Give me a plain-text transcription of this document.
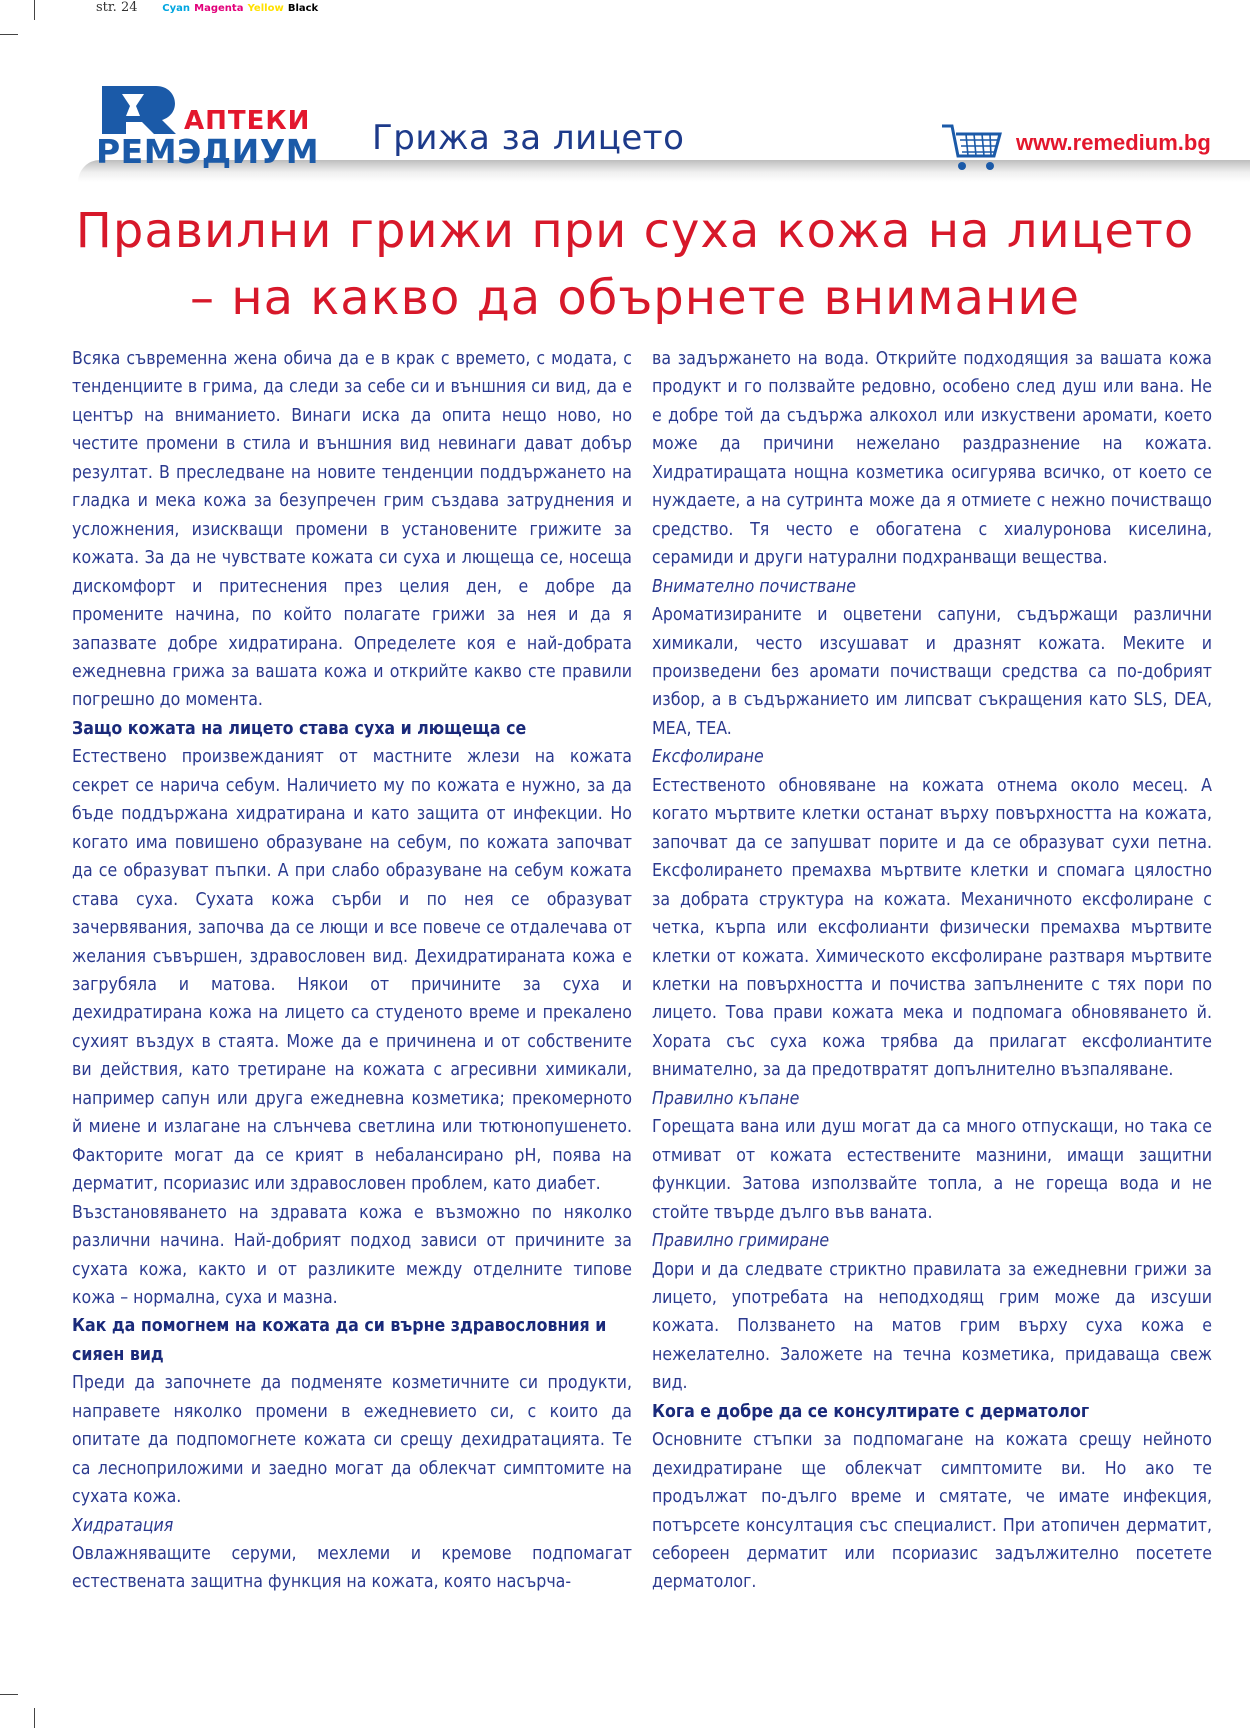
str. 24 Cyan Magenta Yellow Black
АПТЕКИ
РЕМЭДИУМ Грижа за лицето	www.remedium.bg
Правилни грижи при суха кожа на лицето – на какво да обърнете внимание

Всяка съвременна жена обича да е в крак с времето, с модата, с тенденциите в грима, да следи за себе си и външния си вид, да е център на вниманието. Винаги иска да опита нещо ново, но честите промени в стила и външния вид невинаги дават добър резултат. В преследване на новите тенденции поддържането на гладка и мека кожа за безупречен грим създава затруднения и усложнения, изискващи промени в установените грижите за кожата. За да не чувствате кожата си суха и лющеща се, носеща дискомфорт и притеснения през целия ден, е добре да промените начина, по който полагате грижи за нея и да я запазвате добре хидратирана. Определете коя е най-добрата ежедневна грижа за вашата кожа и открийте какво сте правили погрешно до момента.

Защо кожата на лицето става суха и лющеща се

Естествено произвежданият от мастните жлези на кожата секрет се нарича себум. Наличието му по кожата е нужно, за да бъде поддържана хидратирана и като защита от инфекции. Но когато има повишено образуване на себум, по кожата започват да се образуват пъпки. А при слабо образуване на себум кожата става суха. Сухата кожа сърби и по нея се образуват зачервявания, започва да се лющи и все повече се отдалечава от желания съвършен, здравословен вид. Дехидратираната кожа е загрубяла и матова. Някои от причините за суха и дехидратирана кожа на лицето са студеното време и прекалено сухият въздух в стаята. Може да е причинена и от собствените ви действия, като третиране на кожата с агресивни химикали, например сапун или друга ежедневна козметика; прекомерното й миене и излагане на слънчева светлина или тютюнопушенето. Факторите могат да се крият в небалансирано pH, поява на дерматит, псориазис или здравословен проблем, като диабет.

Възстановяването на здравата кожа е възможно по няколко различни начина. Най-добрият подход зависи от причините за сухата кожа, както и от разликите между отделните типове кожа – нормална, суха и мазна.

Как да помогнем на кожата да си върне здравословния и сияен вид

Преди да започнете да подменяте козметичните си продукти, направете няколко промени в ежедневието си, с които да опитате да подпомогнете кожата си срещу дехидратацията. Те са лесноприложими и заедно могат да облекчат симптомите на сухата кожа.

Хидратация

Овлажняващите серуми, мехлеми и кремове подпомагат естествената защитна функция на кожата, която насърча-

ва задържането на вода. Открийте подходящия за вашата кожа продукт и го ползвайте редовно, особено след душ или вана. Не е добре той да съдържа алкохол или изкуствени аромати, което може да причини нежелано раздразнение на кожата. Хидратиращата нощна козметика осигурява всичко, от което се нуждаете, а на сутринта може да я отмиете с нежно почистващо средство. Тя често е обогатена с хиалуронова киселина, серамиди и други натурални подхранващи вещества.

Внимателно почистване

Ароматизираните и оцветени сапуни, съдържащи различни химикали, често изсушават и дразнят кожата. Меките и произведени без аромати почистващи средства са по-добрият избор, а в съдържанието им липсват съкращения като SLS, DEA, MEA, TEA.

Ексфолиране

Естественото обновяване на кожата отнема около месец. А когато мъртвите клетки останат върху повърхността на кожата, започват да се запушват порите и да се образуват сухи петна. Ексфолирането премахва мъртвите клетки и спомага цялостно за добрата структура на кожата. Механичното ексфолиране с четка, кърпа или ексфолианти физически премахва мъртвите клетки от кожата. Химическото ексфолиране разтваря мъртвите клетки на повърхността и почиства запълнените с тях пори по лицето. Това прави кожата мека и подпомага обновяването й. Хората със суха кожа трябва да прилагат ексфолиантите внимателно, за да предотвратят допълнително възпаляване.

Правилно къпане

Горещата вана или душ могат да са много отпускащи, но така се отмиват от кожата естествените мазнини, имащи защитни функции. Затова използвайте топла, а не гореща вода и не стойте твърде дълго във ваната.

Правилно гримиране

Дори и да следвате стриктно правилата за ежедневни грижи за лицето, употребата на неподходящ грим може да изсуши кожата. Ползването на матов грим върху суха кожа е нежелателно. Заложете на течна козметика, придаваща свеж вид.

Кога е добре да се консултирате с дерматолог

Основните стъпки за подпомагане на кожата срещу нейното дехидратиране ще облекчат симптомите ви. Но ако те продължат по-дълго време и смятате, че имате инфекция, потърсете консултация със специалист. При атопичен деpматит, себорeен дерматит или псориазис задължително посетете дерматолог.
